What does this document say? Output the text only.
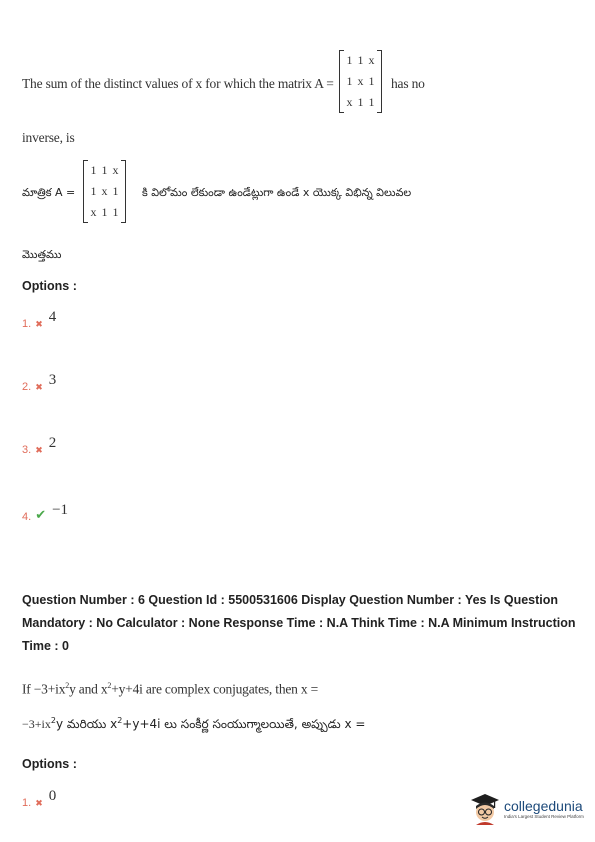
The sum of the distinct values of x for which the matrix A =
1 1 x
1 x 1
x 1 1
has no
inverse, is
మాత్రిక A =
1 1 x
1 x 1
x 1 1
కి విలోమం లేకుండా ఉండేట్లుగా ఉండే x యొక్క విభిన్న విలువల
మొత్తము
Options :
1. ✖ 4
2. ✖ 3
3. ✖ 2
4. ✔ −1
Question Number : 6 Question Id : 5500531606 Display Question Number : Yes Is Question
Mandatory : No Calculator : None Response Time : N.A Think Time : N.A Minimum Instruction
Time : 0
$If -3+ix^2y$ and $x^2+y+4i$ are complex conjugates, then x =
$-3+ix^2y$ మరియు $x^2+y+4i$ లు సంకీర్ణ సంయుగ్మాలయితే, అప్పుడు x =
Options :
1. ✖ 0
collegedunia
India's Largest Student Review Platform
